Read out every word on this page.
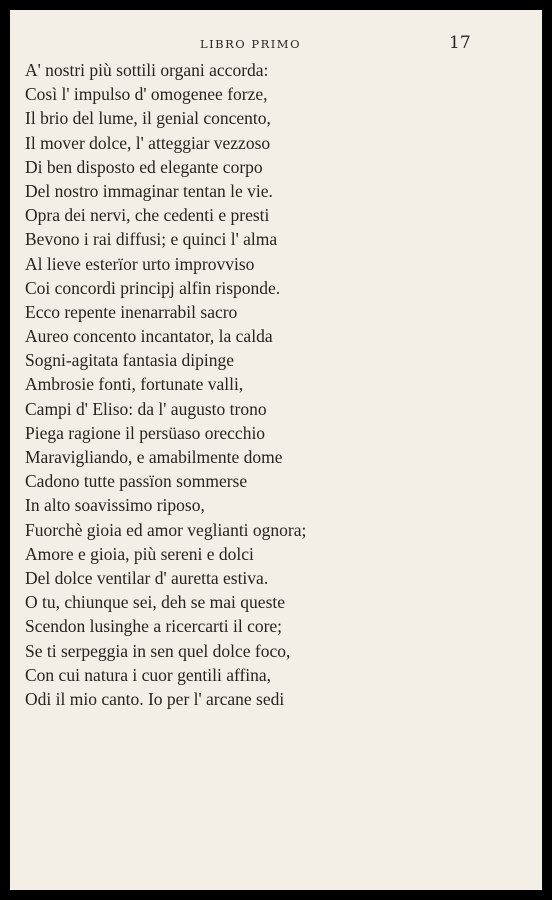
LIBRO PRIMO	17
A' nostri più sottili organi accorda:
Così l' impulso d' omogenee forze,
Il brio del lume, il genial concento,
Il mover dolce, l' atteggiar vezzoso
Di ben disposto ed elegante corpo
Del nostro immaginar tentan le vie.
Opra dei nervi, che cedenti e presti
Bevono i rai diffusi; e quinci l' alma
Al lieve esterïor urto improvviso
Coi concordi principj alfin risponde.
Ecco repente inenarrabil sacro
Aureo concento incantator, la calda
Sogni-agitata fantasia dipinge
Ambrosie fonti, fortunate valli,
Campi d' Eliso: da l' augusto trono
Piega ragione il persüaso orecchio
Maravigliando, e amabilmente dome
Cadono tutte passïon sommerse
In alto soavissimo riposo,
Fuorchè gioia ed amor veglianti ognora;
Amore e gioia, più sereni e dolci
Del dolce ventilar d' auretta estiva.
O tu, chiunque sei, deh se mai queste
Scendon lusinghe a ricercarti il core;
Se ti serpeggia in sen quel dolce foco,
Con cui natura i cuor gentili affina,
Odi il mio canto. Io per l' arcane sedi
